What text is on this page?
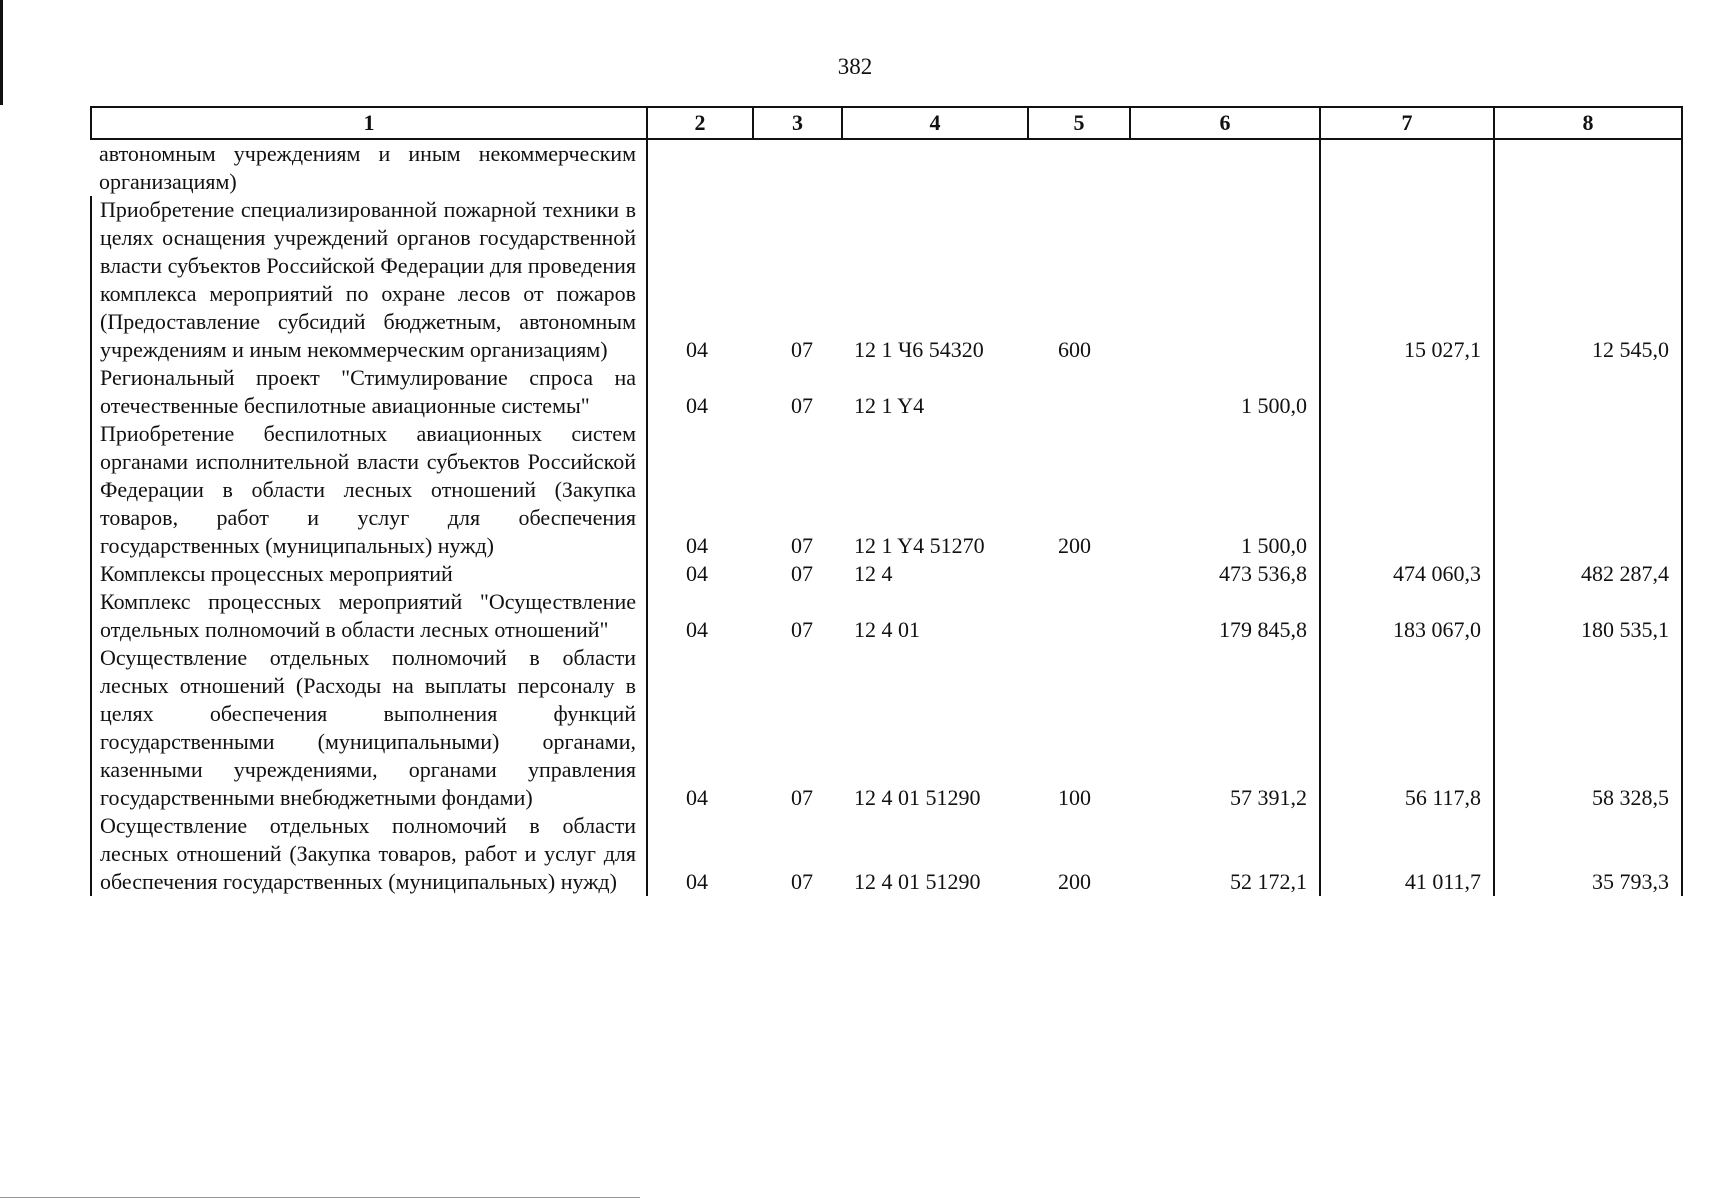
382
1	2	3	4	5	6	7	8
автономным учреждениям и иным некоммерческим организациям)							
Приобретение специализированной пожарной техники в целях оснащения учреждений органов государственной власти субъектов Российской Федерации для проведения комплекса мероприятий по охране лесов от пожаров (Предоставление субсидий бюджетным, автономным учреждениям и иным некоммерческим организациям)	04	07	12 1 Ч6 54320	600		15 027,1	12 545,0
Региональный проект "Стимулирование спроса на отечественные беспилотные авиационные системы"	04	07	12 1 Y4		1 500,0		
Приобретение беспилотных авиационных систем органами исполнительной власти субъектов Российской Федерации в области лесных отношений (Закупка товаров, работ и услуг для обеспечения государственных (муниципальных) нужд)	04	07	12 1 Y4 51270	200	1 500,0		
Комплексы процессных мероприятий	04	07	12 4		473 536,8	474 060,3	482 287,4
Комплекс процессных мероприятий "Осуществление отдельных полномочий в области лесных отношений"	04	07	12 4 01		179 845,8	183 067,0	180 535,1
Осуществление отдельных полномочий в области лесных отношений (Расходы на выплаты персоналу в целях обеспечения выполнения функций государственными (муниципальными) органами, казенными учреждениями, органами управления государственными внебюджетными фондами)	04	07	12 4 01 51290	100	57 391,2	56 117,8	58 328,5
Осуществление отдельных полномочий в области лесных отношений (Закупка товаров, работ и услуг для обеспечения государственных (муниципальных) нужд)	04	07	12 4 01 51290	200	52 172,1	41 011,7	35 793,3
